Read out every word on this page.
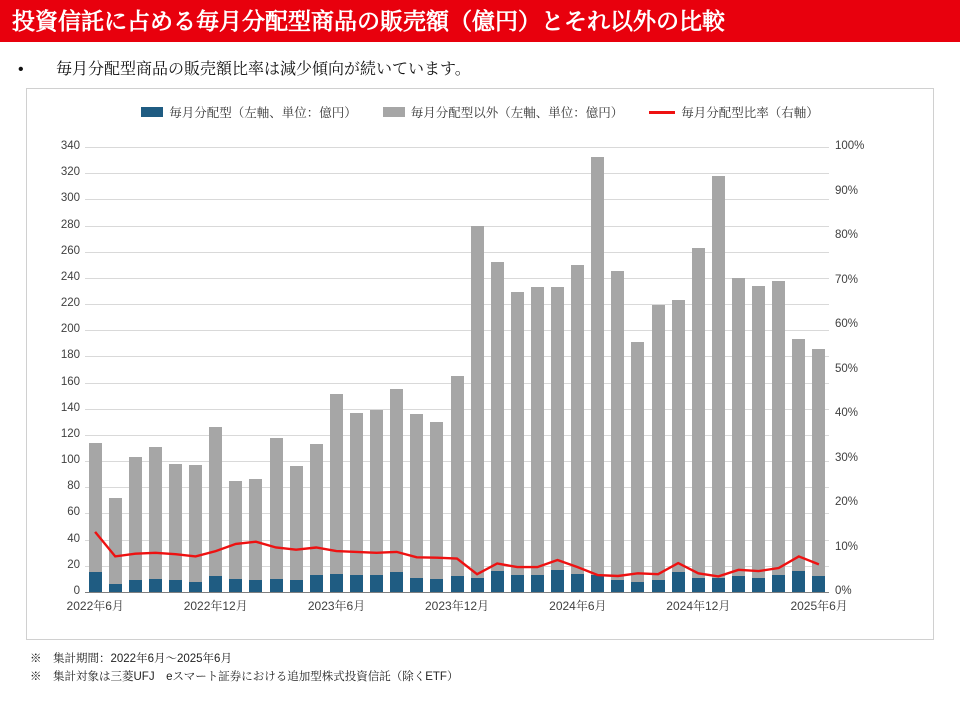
投資信託に占める毎月分配型商品の販売額（億円）とそれ以外の比較
•	毎月分配型商品の販売額比率は減少傾向が続いています。
毎月分配型（左軸、単位：億円）	毎月分配型以外（左軸、単位：億円）	毎月分配型比率（右軸）
0
20
40
60
80
100
120
140
160
180
200
220
240
260
280
300
320
340
0%
10%
20%
30%
40%
50%
60%
70%
80%
90%
100%
2022年6月	2022年12月	2023年6月	2023年12月	2024年6月	2024年12月	2025年6月
※　集計期間：2022年6月〜2025年6月
※　集計対象は三菱UFJ　eスマート証券における追加型株式投資信託（除くETF）
